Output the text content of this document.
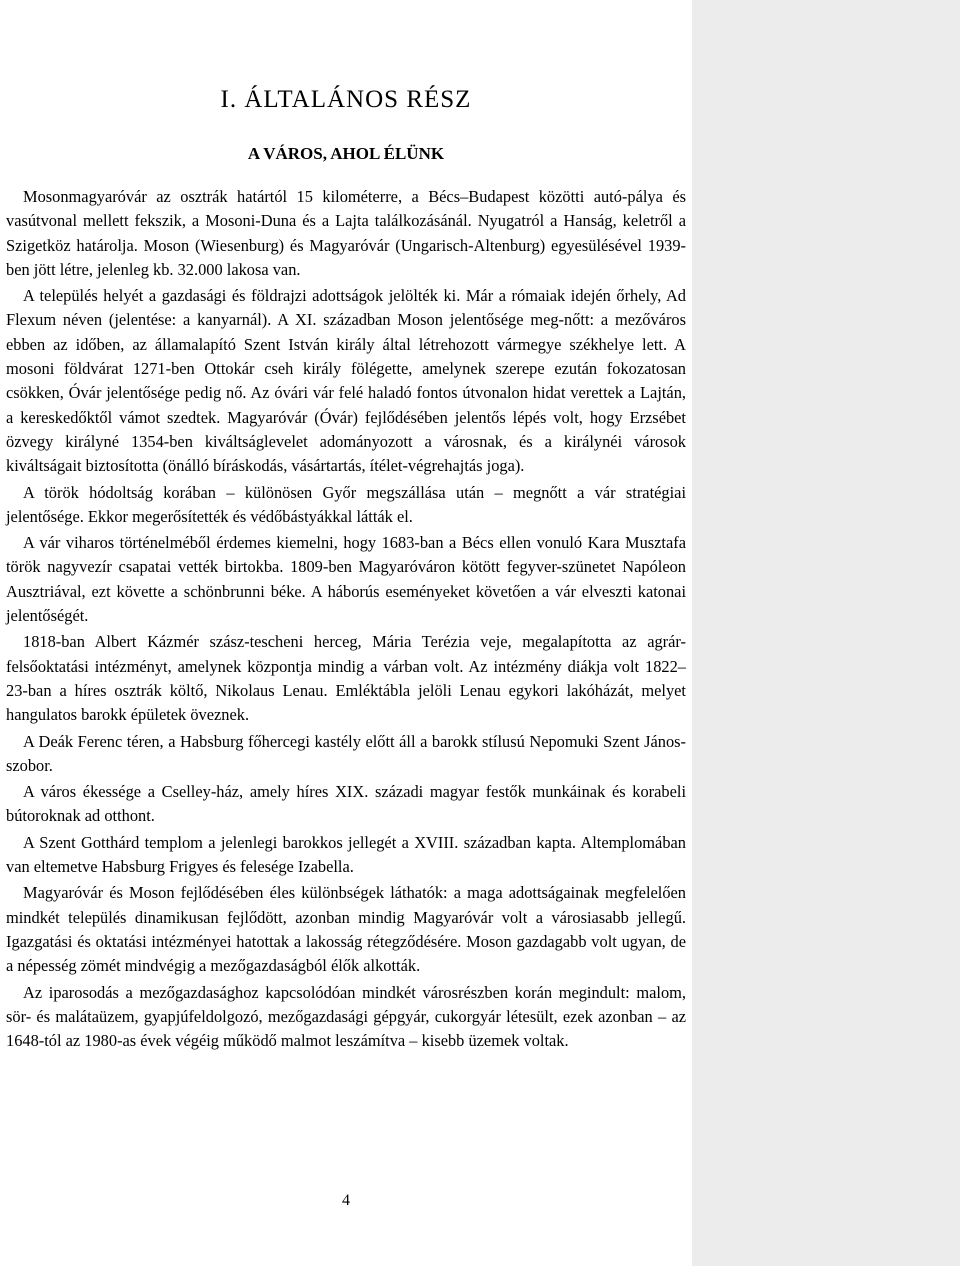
I. ÁLTALÁNOS RÉSZ
A VÁROS, AHOL ÉLÜNK

Mosonmagyaróvár az osztrák határtól 15 kilométerre, a Bécs–Budapest közötti autó-pálya és vasútvonal mellett fekszik, a Mosoni-Duna és a Lajta találkozásánál. Nyugatról a Hanság, keletről a Szigetköz határolja. Moson (Wiesenburg) és Magyaróvár (Ungarisch-Altenburg) egyesülésével 1939-ben jött létre, jelenleg kb. 32.000 lakosa van.

A település helyét a gazdasági és földrajzi adottságok jelölték ki. Már a rómaiak idején őrhely, Ad Flexum néven (jelentése: a kanyarnál). A XI. században Moson jelentősége meg-nőtt: a mezőváros ebben az időben, az államalapító Szent István király által létrehozott vármegye székhelye lett. A mosoni földvárat 1271-ben Ottokár cseh király fölégette, amelynek szerepe ezután fokozatosan csökken, Óvár jelentősége pedig nő. Az óvári vár felé haladó fontos útvonalon hidat verettek a Lajtán, a kereskedőktől vámot szedtek. Magyaróvár (Óvár) fejlődésében jelentős lépés volt, hogy Erzsébet özvegy királyné 1354-ben kiváltságlevelet adományozott a városnak, és a királynéi városok kiváltságait biztosította (önálló bíráskodás, vásártartás, ítélet-végrehajtás joga).

A török hódoltság korában – különösen Győr megszállása után – megnőtt a vár stratégiai jelentősége. Ekkor megerősítették és védőbástyákkal látták el.

A vár viharos történelméből érdemes kiemelni, hogy 1683-ban a Bécs ellen vonuló Kara Musztafa török nagyvezír csapatai vették birtokba. 1809-ben Magyaróváron kötött fegyver-szünetet Napóleon Ausztriával, ezt követte a schönbrunni béke. A háborús eseményeket követően a vár elveszti katonai jelentőségét.

1818-ban Albert Kázmér szász-tescheni herceg, Mária Terézia veje, megalapította az agrár-felsőoktatási intézményt, amelynek központja mindig a várban volt. Az intézmény diákja volt 1822–23-ban a híres osztrák költő, Nikolaus Lenau. Emléktábla jelöli Lenau egykori lakóházát, melyet hangulatos barokk épületek öveznek.

A Deák Ferenc téren, a Habsburg főhercegi kastély előtt áll a barokk stílusú Nepomuki Szent János-szobor.

A város ékessége a Cselley-ház, amely híres XIX. századi magyar festők munkáinak és korabeli bútoroknak ad otthont.

A Szent Gotthárd templom a jelenlegi barokkos jellegét a XVIII. században kapta. Altemplomában van eltemetve Habsburg Frigyes és felesége Izabella.

Magyaróvár és Moson fejlődésében éles különbségek láthatók: a maga adottságainak megfelelően mindkét település dinamikusan fejlődött, azonban mindig Magyaróvár volt a városiasabb jellegű. Igazgatási és oktatási intézményei hatottak a lakosság rétegződésére. Moson gazdagabb volt ugyan, de a népesség zömét mindvégig a mezőgazdaságból élők alkották.

Az iparosodás a mezőgazdasághoz kapcsolódóan mindkét városrészben korán megindult: malom, sör- és malátaüzem, gyapjúfeldolgozó, mezőgazdasági gépgyár, cukorgyár létesült, ezek azonban – az 1648-tól az 1980-as évek végéig működő malmot leszámítva – kisebb üzemek voltak.

4
